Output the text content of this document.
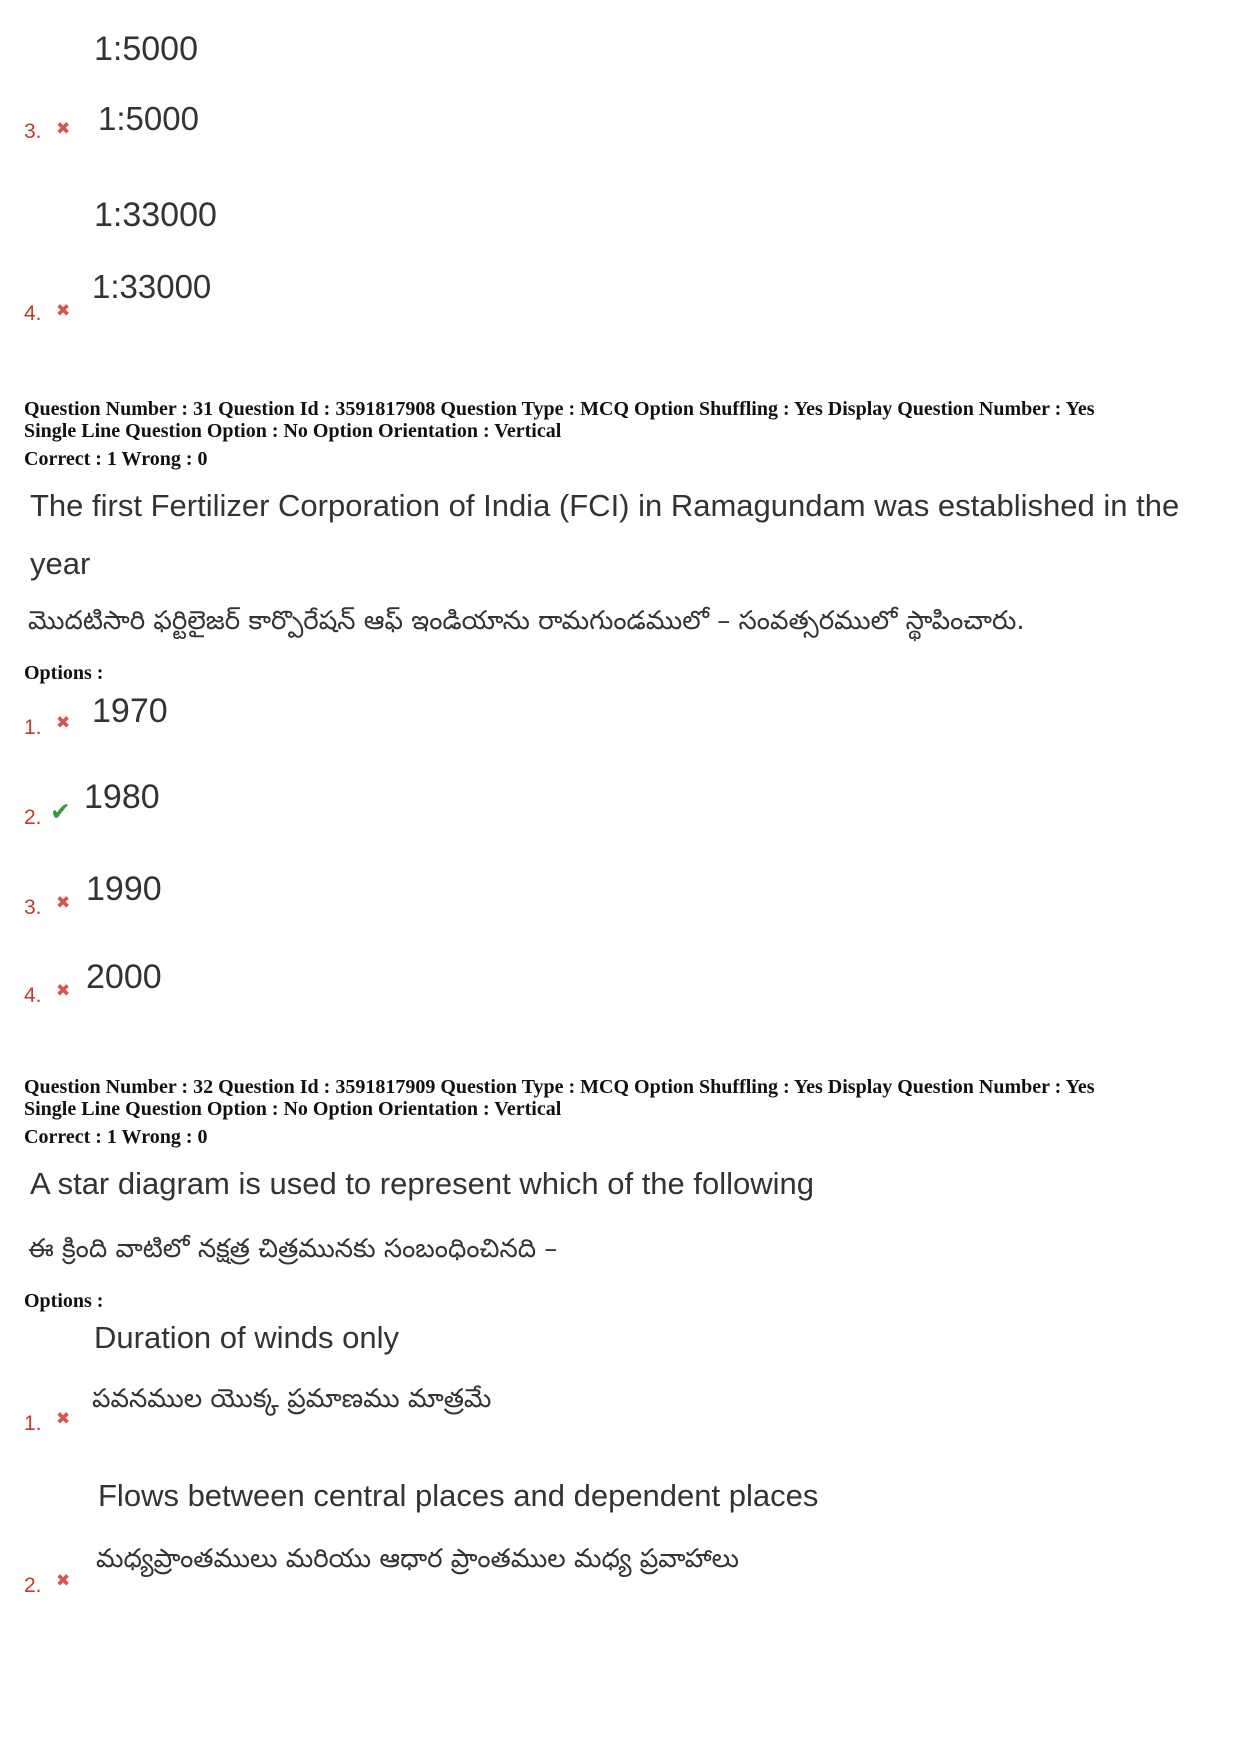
1:5000
3. ✖ 1:5000
1:33000
4. ✖
1:33000
Question Number : 31 Question Id : 3591817908 Question Type : MCQ Option Shuffling : Yes Display Question Number : Yes
Single Line Question Option : No Option Orientation : Vertical
Correct : 1 Wrong : 0
The first Fertilizer Corporation of India (FCI) in Ramagundam was established in the
year
మొదటిసారి ఫర్టిలైజర్ కార్పొరేషన్ ఆఫ్ ఇండియాను రామగుండములో – సంవత్సరములో స్థాపించారు.
Options :
1. ✖ 1970
2. ✔ 1980
3. ✖ 1990
4. ✖ 2000
Question Number : 32 Question Id : 3591817909 Question Type : MCQ Option Shuffling : Yes Display Question Number : Yes
Single Line Question Option : No Option Orientation : Vertical
Correct : 1 Wrong : 0
A star diagram is used to represent which of the following
ఈ క్రింది వాటిలో నక్షత్ర చిత్రమునకు సంబంధించినది –
Options :
Duration of winds only
1. ✖
పవనముల యొక్క ప్రమాణము మాత్రమే
Flows between central places and dependent places
2. ✖
మధ్యప్రాంతములు మరియు ఆధార ప్రాంతముల మధ్య ప్రవాహాలు
